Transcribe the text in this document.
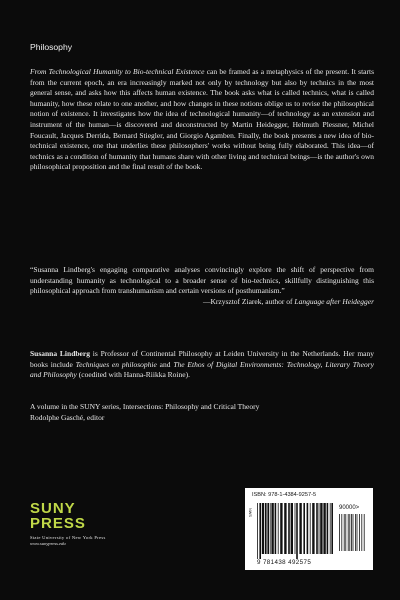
Philosophy

From Technological Humanity to Bio-technical Existence can be framed as a metaphysics of the present. It starts from the current epoch, an era increasingly marked not only by technology but also by technics in the most general sense, and asks how this affects human existence. The book asks what is called technics, what is called humanity, how these relate to one another, and how changes in these notions oblige us to revise the philosophical notion of existence. It investigates how the idea of technological humanity—of technology as an extension and instrument of the human—is discovered and deconstructed by Martin Heidegger, Helmuth Plessner, Michel Foucault, Jacques Derrida, Bernard Stiegler, and Giorgio Agamben. Finally, the book presents a new idea of bio-technical existence, one that underlies these philosophers' works without being fully elaborated. This idea—of technics as a condition of humanity that humans share with other living and technical beings—is the author's own philosophical proposition and the final result of the book.

“Susanna Lindberg's engaging comparative analyses convincingly explore the shift of perspective from understanding humanity as technological to a broader sense of bio-technics, skillfully distinguishing this philosophical approach from transhumanism and certain versions of posthumanism.”
—Krzysztof Ziarek, author of Language after Heidegger

Susanna Lindberg is Professor of Continental Philosophy at Leiden University in the Netherlands. Her many books include Techniques en philosophie and The Ethos of Digital Environments: Technology, Literary Theory and Philosophy (coedited with Hanna-Riikka Roine).

A volume in the SUNY series, Intersections: Philosophy and Critical Theory
Rodolphe Gasché, editor

SUNY
PRESS
State University of New York Press
www.sunypress.edu
ISBN: 978-1-4384-9257-5
NWS	90000>
9 781438 492575
